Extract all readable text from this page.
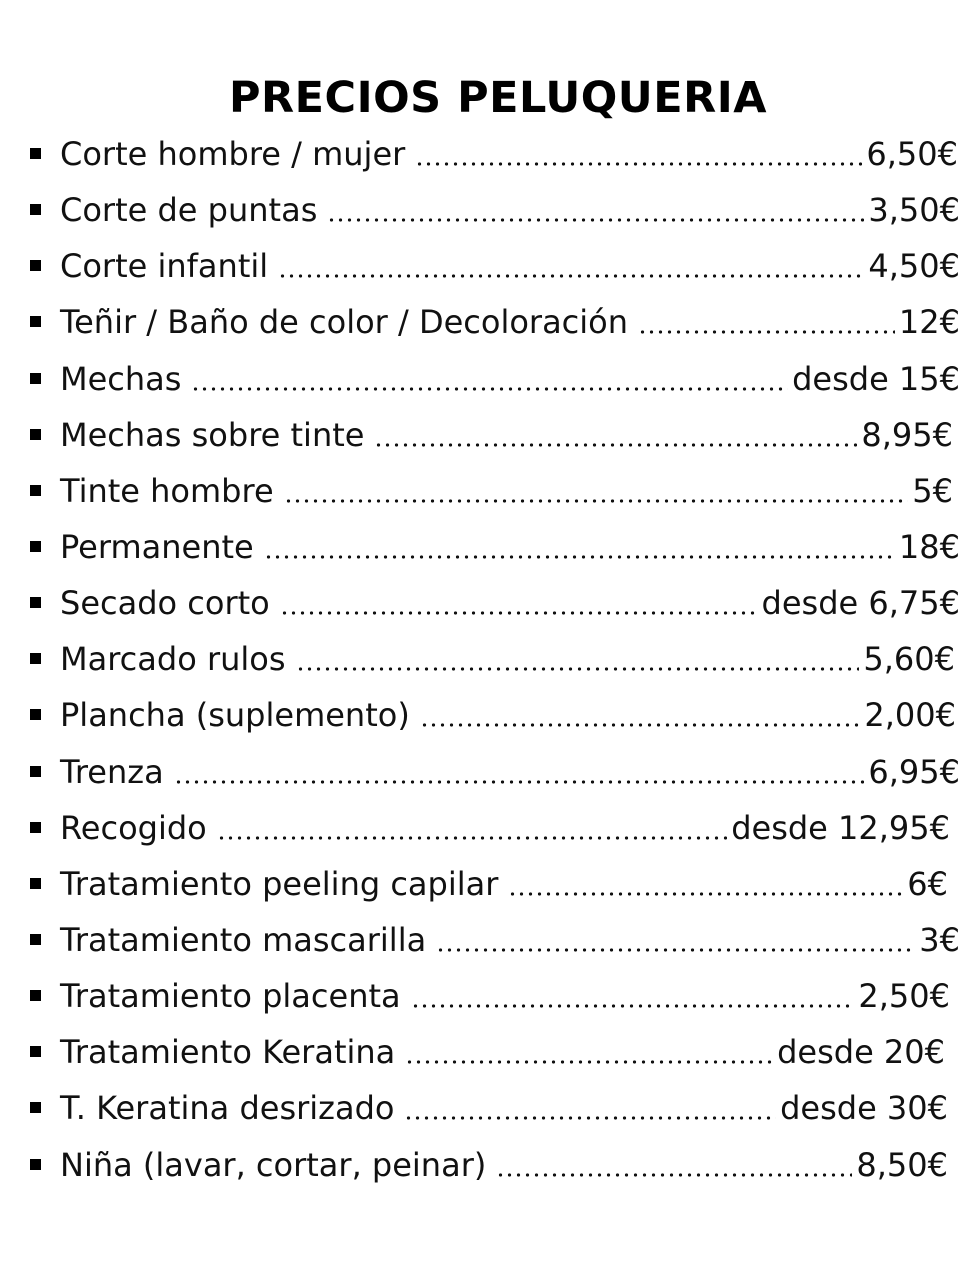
PRECIOS PELUQUERIA
Corte hombre / mujer	6,50€
Corte de puntas	3,50€
Corte infantil	4,50€
Teñir / Baño de color / Decoloración	12€
Mechas	desde 15€
Mechas sobre tinte	8,95€
Tinte hombre	5€
Permanente	18€
Secado corto	desde 6,75€
Marcado rulos	5,60€
Plancha (suplemento)	2,00€
Trenza	6,95€
Recogido	desde 12,95€
Tratamiento peeling capilar	6€
Tratamiento mascarilla	3€
Tratamiento placenta	2,50€
Tratamiento Keratina	desde 20€
T. Keratina desrizado	desde 30€
Niña (lavar, cortar, peinar)	8,50€
